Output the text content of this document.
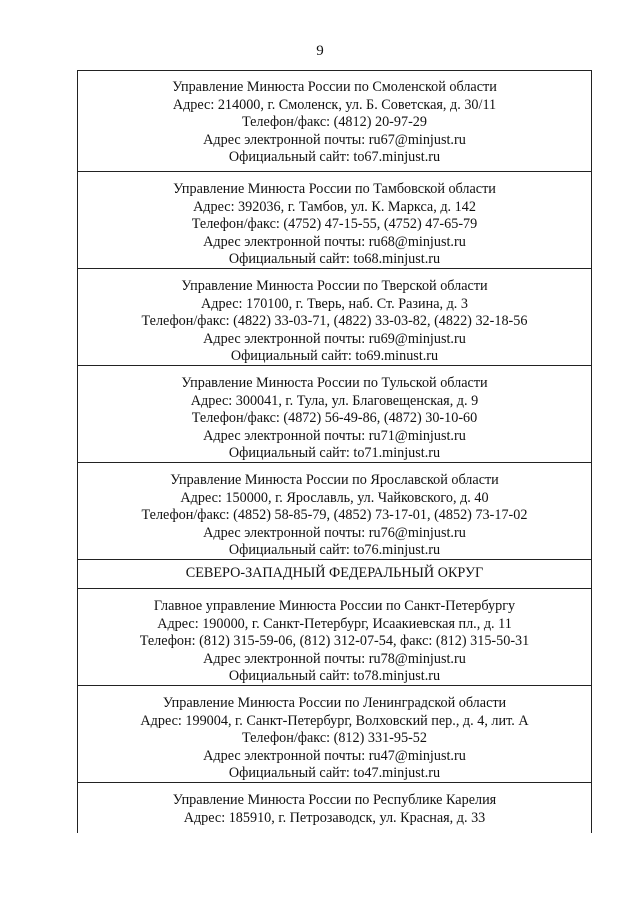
9
Управление Минюста России по Смоленской области
Адрес: 214000, г. Смоленск, ул. Б. Советская, д. 30/11
Телефон/факс: (4812) 20-97-29
Адрес электронной почты: ru67@minjust.ru
Официальный сайт: to67.minjust.ru
Управление Минюста России по Тамбовской области
Адрес: 392036, г. Тамбов, ул. К. Маркса, д. 142
Телефон/факс: (4752) 47-15-55, (4752) 47-65-79
Адрес электронной почты: ru68@minjust.ru
Официальный сайт: to68.minjust.ru
Управление Минюста России по Тверской области
Адрес: 170100, г. Тверь, наб. Ст. Разина, д. 3
Телефон/факс: (4822) 33-03-71, (4822) 33-03-82, (4822) 32-18-56
Адрес электронной почты: ru69@minjust.ru
Официальный сайт: to69.minust.ru
Управление Минюста России по Тульской области
Адрес: 300041, г. Тула, ул. Благовещенская, д. 9
Телефон/факс: (4872) 56-49-86, (4872) 30-10-60
Адрес электронной почты: ru71@minjust.ru
Официальный сайт: to71.minjust.ru
Управление Минюста России по Ярославской области
Адрес: 150000, г. Ярославль, ул. Чайковского, д. 40
Телефон/факс: (4852) 58-85-79, (4852) 73-17-01, (4852) 73-17-02
Адрес электронной почты: ru76@minjust.ru
Официальный сайт: to76.minjust.ru
СЕВЕРО-ЗАПАДНЫЙ ФЕДЕРАЛЬНЫЙ ОКРУГ
Главное управление Минюста России по Санкт-Петербургу
Адрес: 190000, г. Санкт-Петербург, Исаакиевская пл., д. 11
Телефон: (812) 315-59-06, (812) 312-07-54, факс: (812) 315-50-31
Адрес электронной почты: ru78@minjust.ru
Официальный сайт: to78.minjust.ru
Управление Минюста России по Ленинградской области
Адрес: 199004, г. Санкт-Петербург, Волховский пер., д. 4, лит. А
Телефон/факс: (812) 331-95-52
Адрес электронной почты: ru47@minjust.ru
Официальный сайт: to47.minjust.ru
Управление Минюста России по Республике Карелия
Адрес: 185910, г. Петрозаводск, ул. Красная, д. 33
